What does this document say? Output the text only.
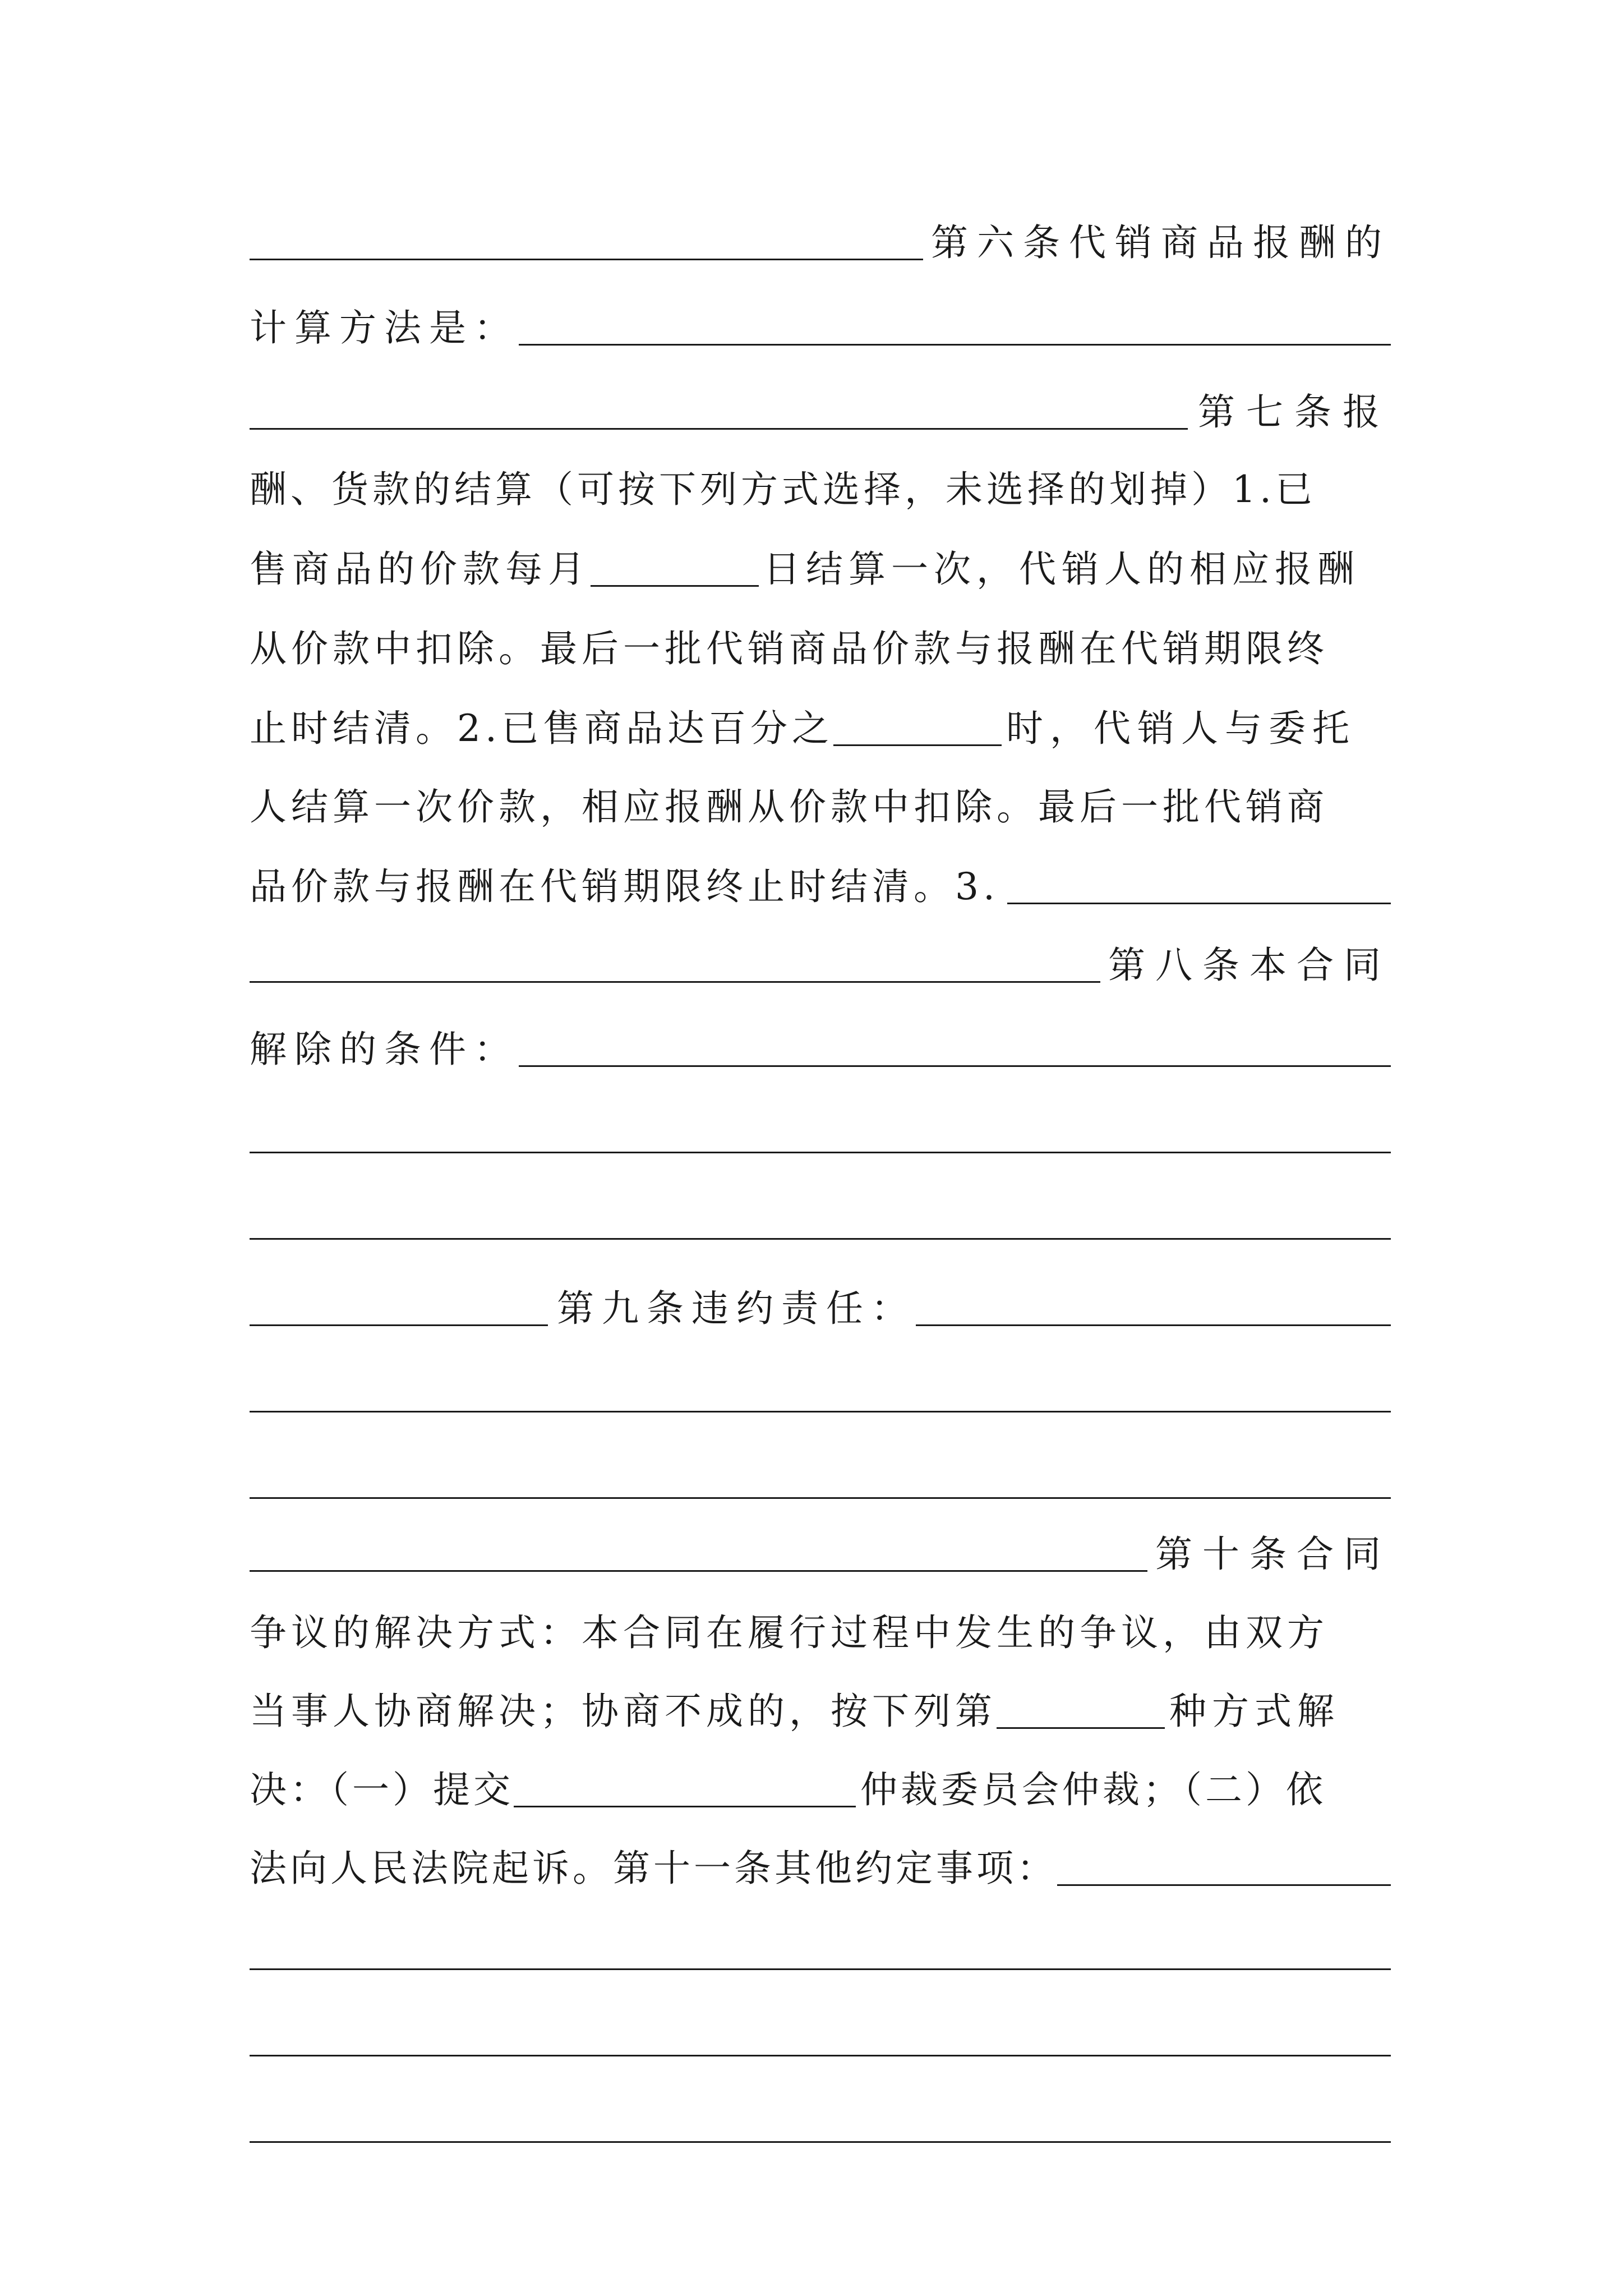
第六条代销商品报酬的
计算方法是：
第七条报
酬、货款的结算（可按下列方式选择，未选择的划掉）1.已
售商品的价款每月	日结算一次，代销人的相应报酬
从价款中扣除。最后一批代销商品价款与报酬在代销期限终
止时结清。2.已售商品达百分之	时，代销人与委托
人结算一次价款，相应报酬从价款中扣除。最后一批代销商
品价款与报酬在代销期限终止时结清。3.
第八条本合同
解除的条件：
第九条违约责任：
第十条合同
争议的解决方式：本合同在履行过程中发生的争议，由双方
当事人协商解决；协商不成的，按下列第	种方式解
决：（一）提交	仲裁委员会仲裁；（二）依
法向人民法院起诉。第十一条其他约定事项：
